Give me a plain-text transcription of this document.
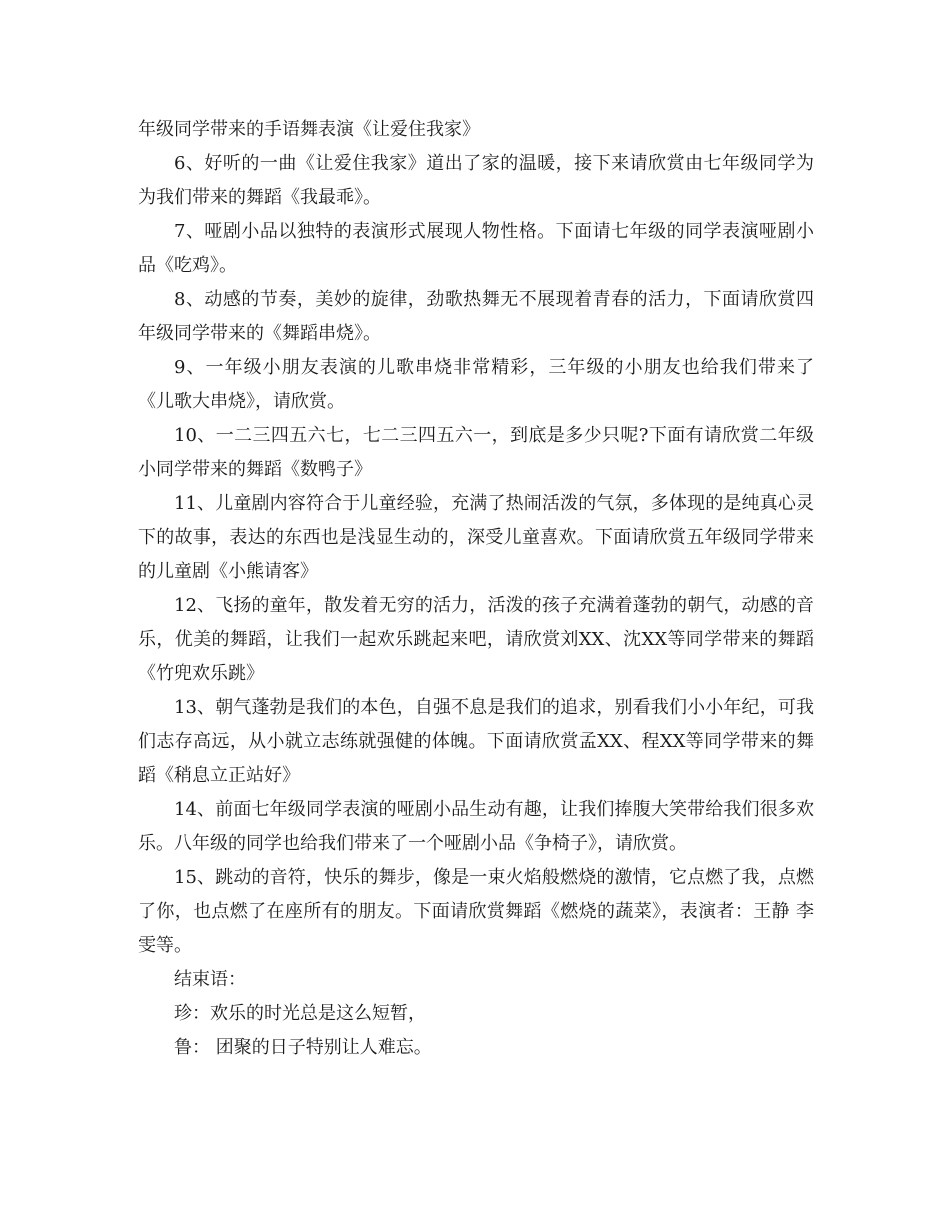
年级同学带来的手语舞表演《让爱住我家》

6、好听的一曲《让爱住我家》道出了家的温暖，接下来请欣赏由七年级同学为为我们带来的舞蹈《我最乖》。

7、哑剧小品以独特的表演形式展现人物性格。下面请七年级的同学表演哑剧小品《吃鸡》。

8、动感的节奏，美妙的旋律，劲歌热舞无不展现着青春的活力，下面请欣赏四年级同学带来的《舞蹈串烧》。

9、一年级小朋友表演的儿歌串烧非常精彩，三年级的小朋友也给我们带来了《儿歌大串烧》，请欣赏。

10、一二三四五六七，七二三四五六一，到底是多少只呢?下面有请欣赏二年级小同学带来的舞蹈《数鸭子》

11、儿童剧内容符合于儿童经验，充满了热闹活泼的气氛，多体现的是纯真心灵下的故事，表达的东西也是浅显生动的，深受儿童喜欢。下面请欣赏五年级同学带来的儿童剧《小熊请客》

12、飞扬的童年，散发着无穷的活力，活泼的孩子充满着蓬勃的朝气，动感的音乐，优美的舞蹈，让我们一起欢乐跳起来吧，请欣赏刘XX、沈XX等同学带来的舞蹈《竹兜欢乐跳》

13、朝气蓬勃是我们的本色，自强不息是我们的追求，别看我们小小年纪，可我们志存高远，从小就立志练就强健的体魄。下面请欣赏孟XX、程XX等同学带来的舞蹈《稍息立正站好》

14、前面七年级同学表演的哑剧小品生动有趣，让我们捧腹大笑带给我们很多欢乐。八年级的同学也给我们带来了一个哑剧小品《争椅子》，请欣赏。

15、跳动的音符，快乐的舞步，像是一束火焰般燃烧的激情，它点燃了我，点燃了你，也点燃了在座所有的朋友。下面请欣赏舞蹈《燃烧的蔬菜》，表演者：王静 李雯等。

结束语：

珍：欢乐的时光总是这么短暂，

鲁： 团聚的日子特别让人难忘。
